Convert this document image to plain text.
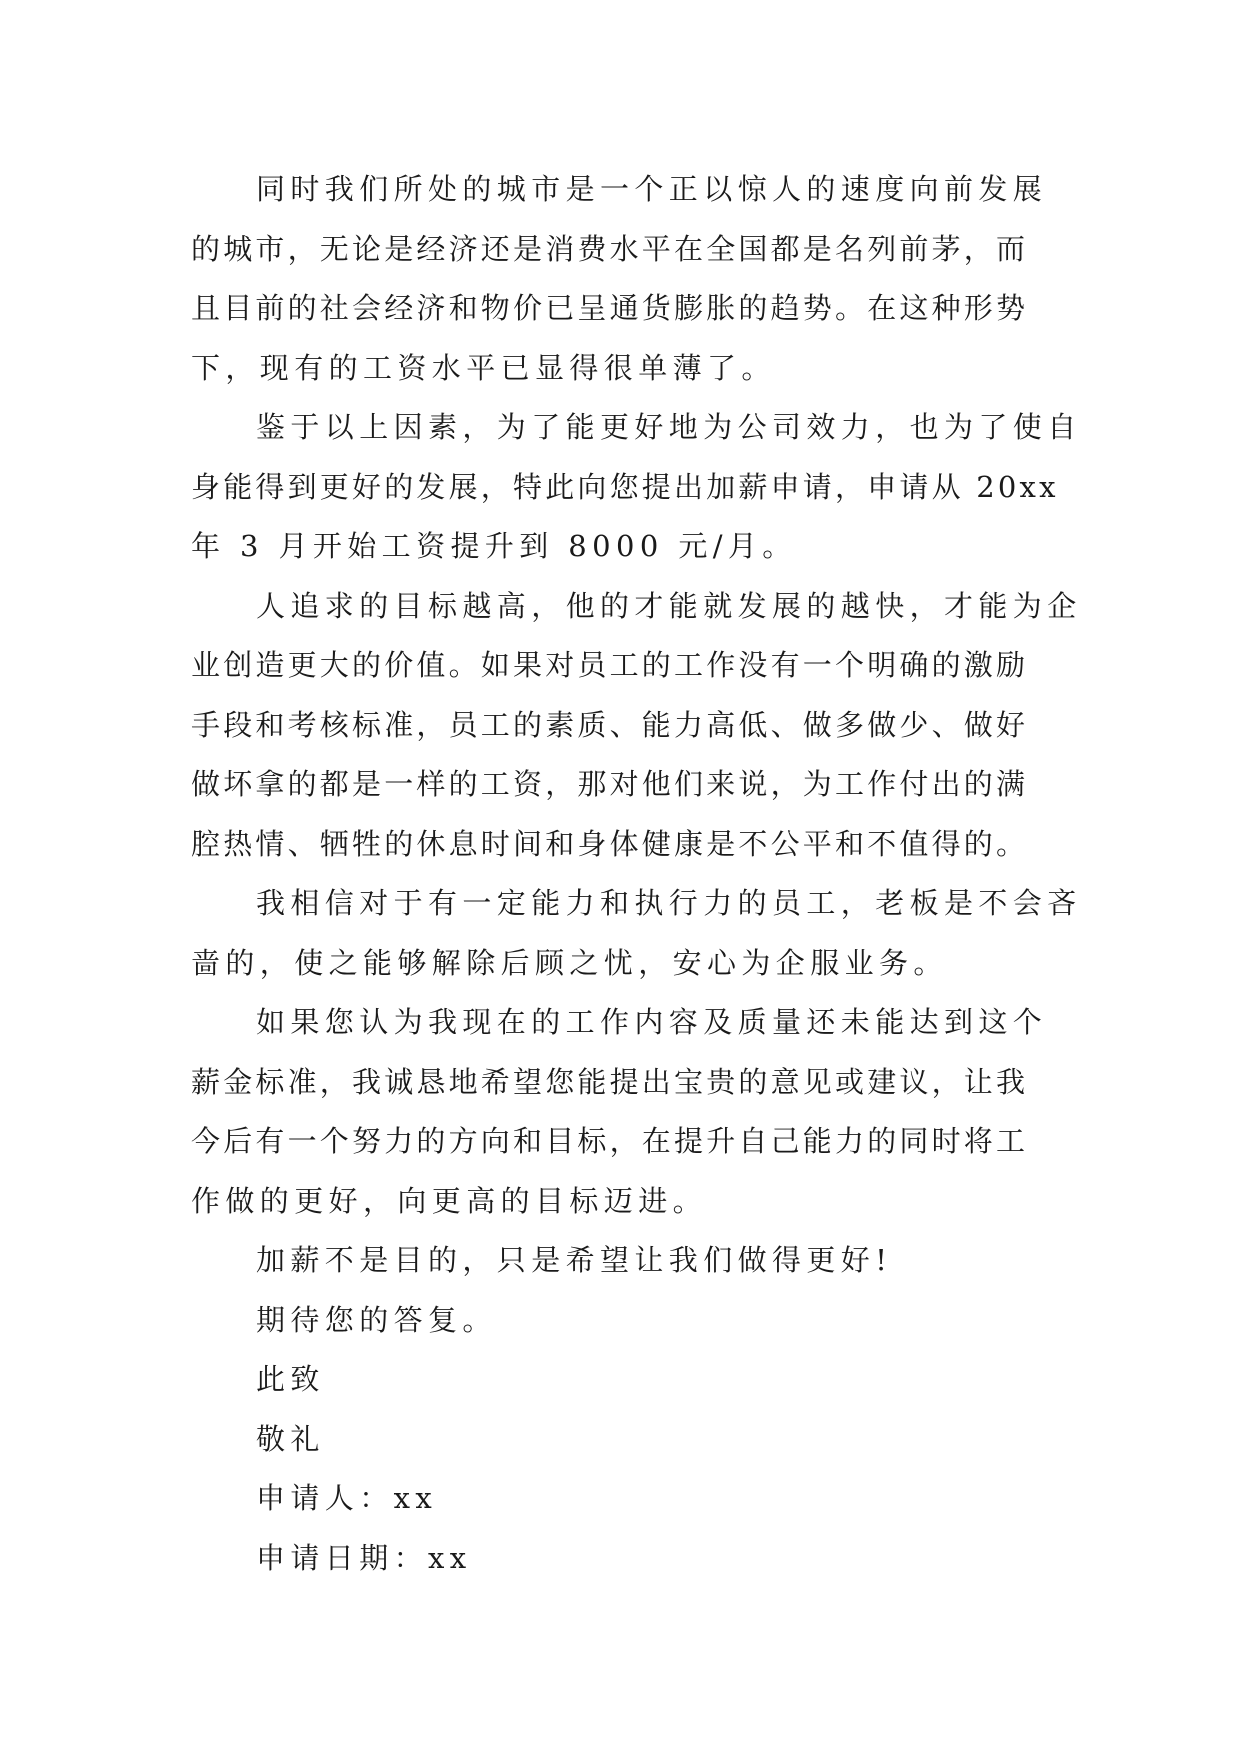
同时我们所处的城市是一个正以惊人的速度向前发展
的城市，无论是经济还是消费水平在全国都是名列前茅，而
且目前的社会经济和物价已呈通货膨胀的趋势。在这种形势
下，现有的工资水平已显得很单薄了。
鉴于以上因素，为了能更好地为公司效力，也为了使自
身能得到更好的发展，特此向您提出加薪申请，申请从 20xx
年 3 月开始工资提升到 8000 元/月。
人追求的目标越高，他的才能就发展的越快，才能为企
业创造更大的价值。如果对员工的工作没有一个明确的激励
手段和考核标准，员工的素质、能力高低、做多做少、做好
做坏拿的都是一样的工资，那对他们来说，为工作付出的满
腔热情、牺牲的休息时间和身体健康是不公平和不值得的。
我相信对于有一定能力和执行力的员工，老板是不会吝
啬的，使之能够解除后顾之忧，安心为企服业务。
如果您认为我现在的工作内容及质量还未能达到这个
薪金标准，我诚恳地希望您能提出宝贵的意见或建议，让我
今后有一个努力的方向和目标，在提升自己能力的同时将工
作做的更好，向更高的目标迈进。
加薪不是目的，只是希望让我们做得更好!
期待您的答复。
此致
敬礼
申请人：xx
申请日期：xx
